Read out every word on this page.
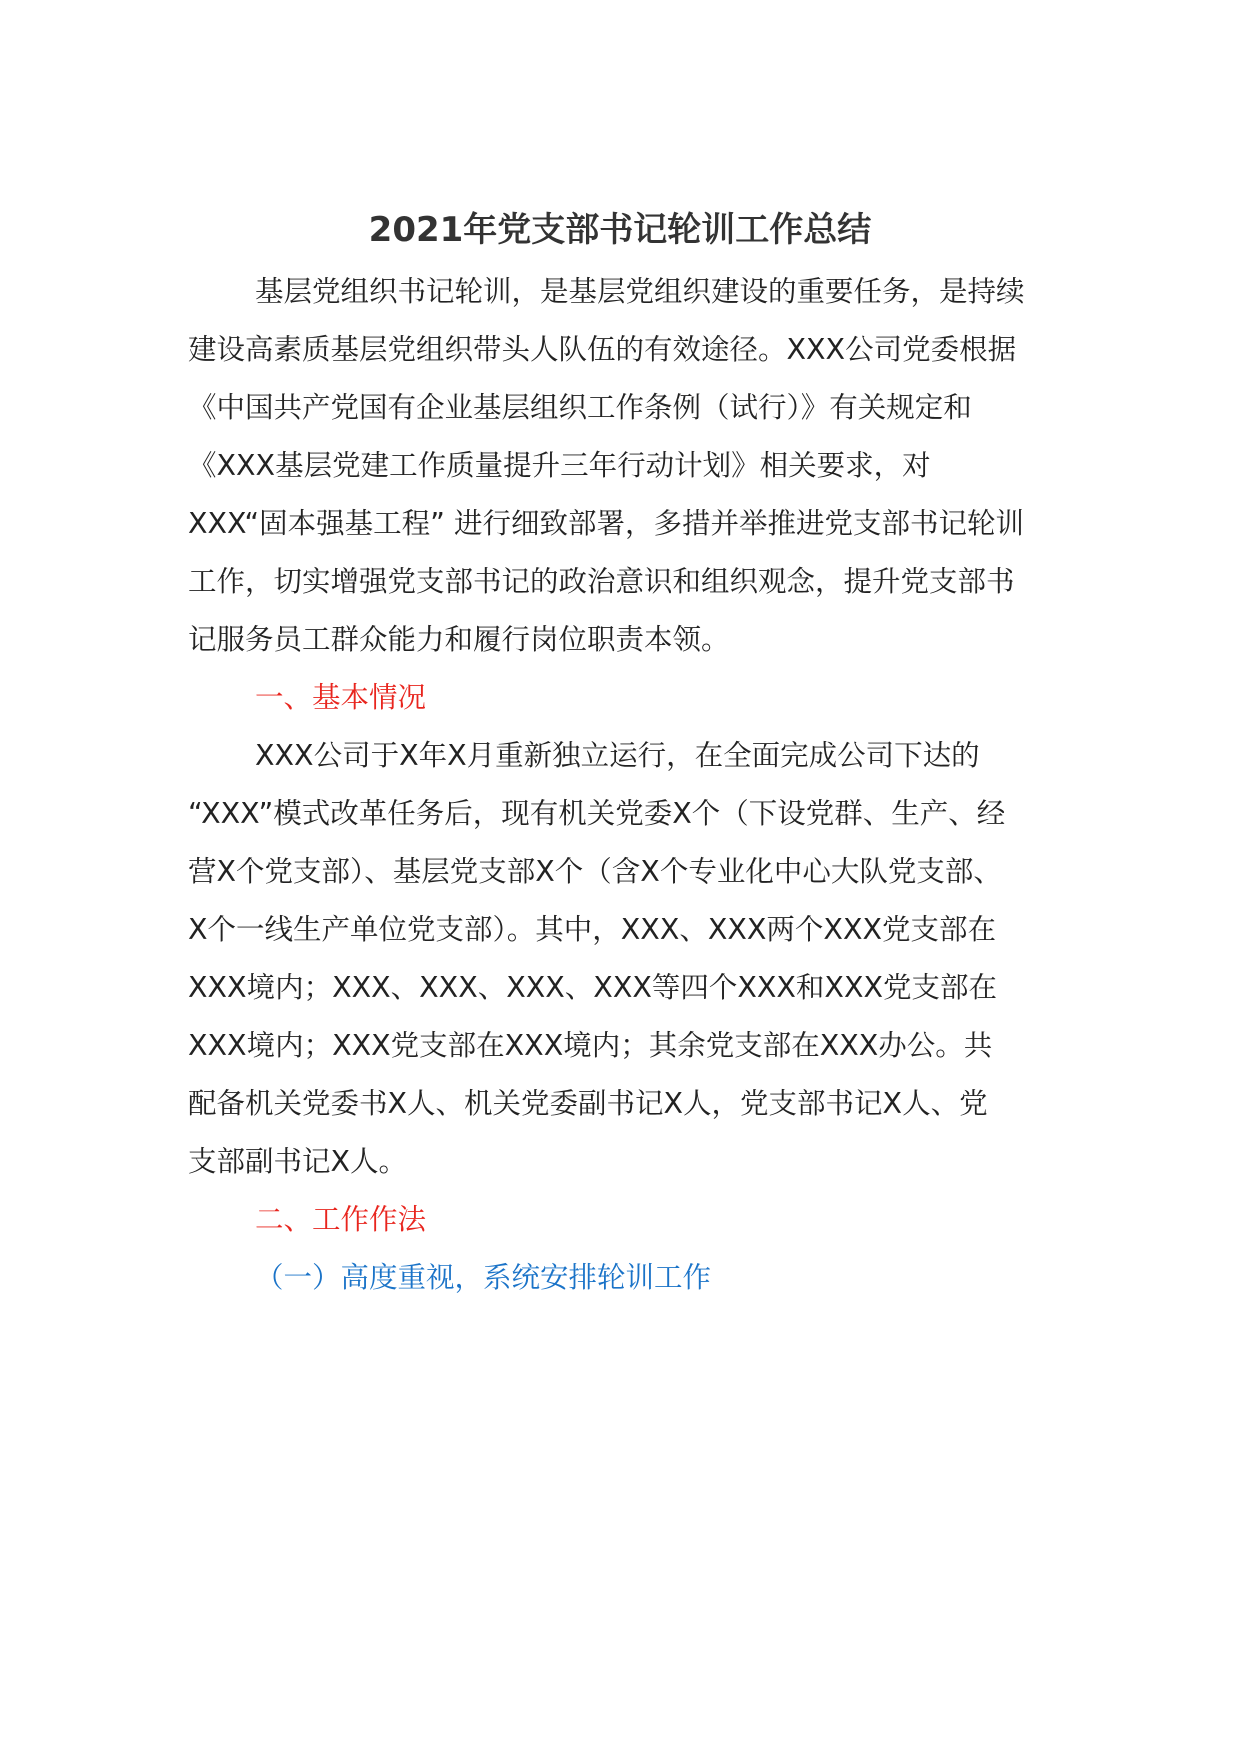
2021年党支部书记轮训工作总结
基层党组织书记轮训，是基层党组织建设的重要任务，是持续
建设高素质基层党组织带头人队伍的有效途径。XXX公司党委根据
《中国共产党国有企业基层组织工作条例（试行）》有关规定和
《XXX基层党建工作质量提升三年行动计划》相关要求，对
XXX“固本强基工程” 进行细致部署，多措并举推进党支部书记轮训
工作，切实增强党支部书记的政治意识和组织观念，提升党支部书
记服务员工群众能力和履行岗位职责本领。
一、基本情况
XXX公司于X年X月重新独立运行，在全面完成公司下达的
“XXX”模式改革任务后，现有机关党委X个（下设党群、生产、经
营X个党支部）、基层党支部X个（含X个专业化中心大队党支部、
X个一线生产单位党支部）。其中，XXX、XXX两个XXX党支部在
XXX境内；XXX、XXX、XXX、XXX等四个XXX和XXX党支部在
XXX境内；XXX党支部在XXX境内；其余党支部在XXX办公。共
配备机关党委书X人、机关党委副书记X人，党支部书记X人、党
支部副书记X人。
二、工作作法
（一）高度重视，系统安排轮训工作
